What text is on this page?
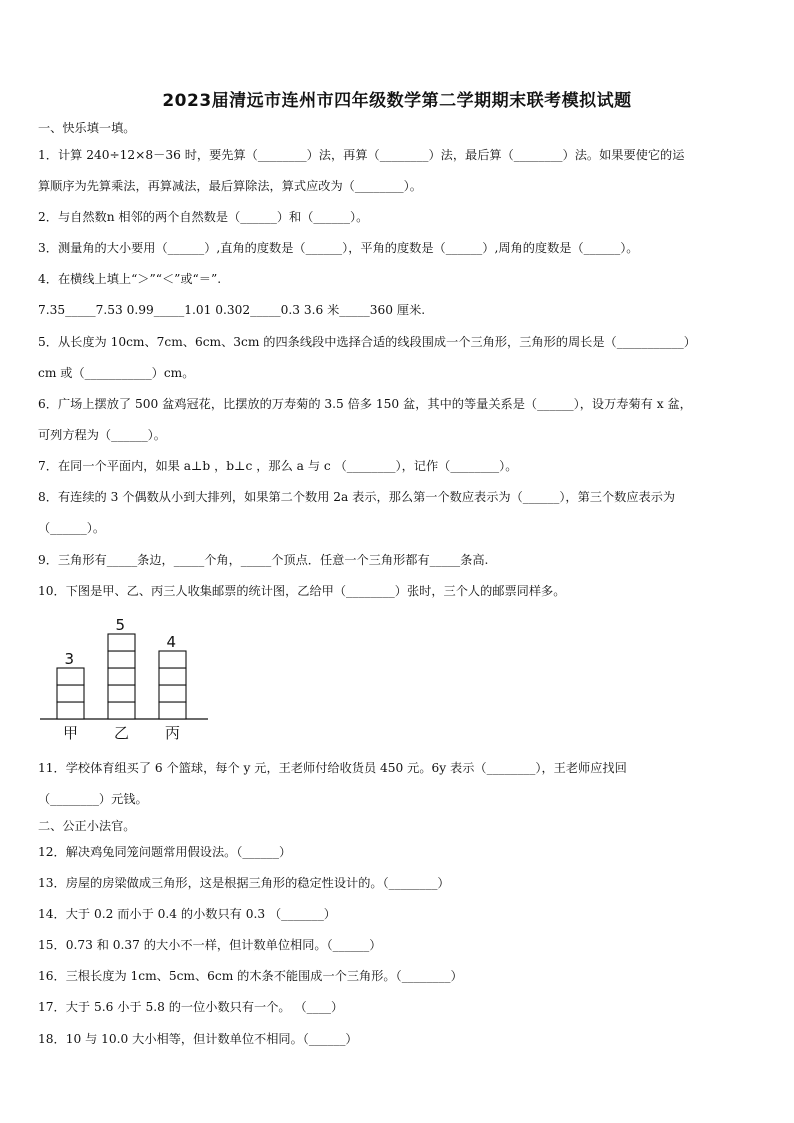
2023届清远市连州市四年级数学第二学期期末联考模拟试题
一、快乐填一填。
1．计算 240÷12×8－36 时，要先算（________）法，再算（________）法，最后算（________）法。如果要使它的运
算顺序为先算乘法，再算减法，最后算除法，算式应改为（________）。
2．与自然数n 相邻的两个自然数是（______）和（______）。
3．测量角的大小要用（______）,直角的度数是（______），平角的度数是（______）,周角的度数是（______）。
4．在横线上填上“＞”“＜”或“＝”.
7.35_____7.53 0.99_____1.01 0.302_____0.3 3.6 米_____360 厘米.
5．从长度为 10cm、7cm、6cm、3cm 的四条线段中选择合适的线段围成一个三角形，三角形的周长是（___________）
cm 或（___________）cm。
6．广场上摆放了 500 盆鸡冠花，比摆放的万寿菊的 3.5 倍多 150 盆，其中的等量关系是（______），设万寿菊有 x 盆，
可列方程为（______）。
7．在同一个平面内，如果 a⊥b ，b⊥c ，那么 a 与 c （________），记作（________）。
8．有连续的 3 个偶数从小到大排列，如果第二个数用 2a 表示，那么第一个数应表示为（______），第三个数应表示为
（______）。
9．三角形有_____条边，_____个角，_____个顶点．任意一个三角形都有_____条高.
10．下图是甲、乙、丙三人收集邮票的统计图，乙给甲（________）张时，三个人的邮票同样多。
3
甲
5
乙
4
丙
11．学校体育组买了 6 个篮球，每个 y 元，王老师付给收货员 450 元。6y 表示（________），王老师应找回
（________）元钱。
二、公正小法官。
12．解决鸡兔同笼问题常用假设法。（______）
13．房屋的房梁做成三角形，这是根据三角形的稳定性设计的。（________）
14．大于 0.2 而小于 0.4 的小数只有 0.3 （_______）
15．0.73 和 0.37 的大小不一样，但计数单位相同。（______）
16．三根长度为 1cm、5cm、6cm 的木条不能围成一个三角形。（________）
17．大于 5.6 小于 5.8 的一位小数只有一个。 （____）
18．10 与 10.0 大小相等，但计数单位不相同。（______）
